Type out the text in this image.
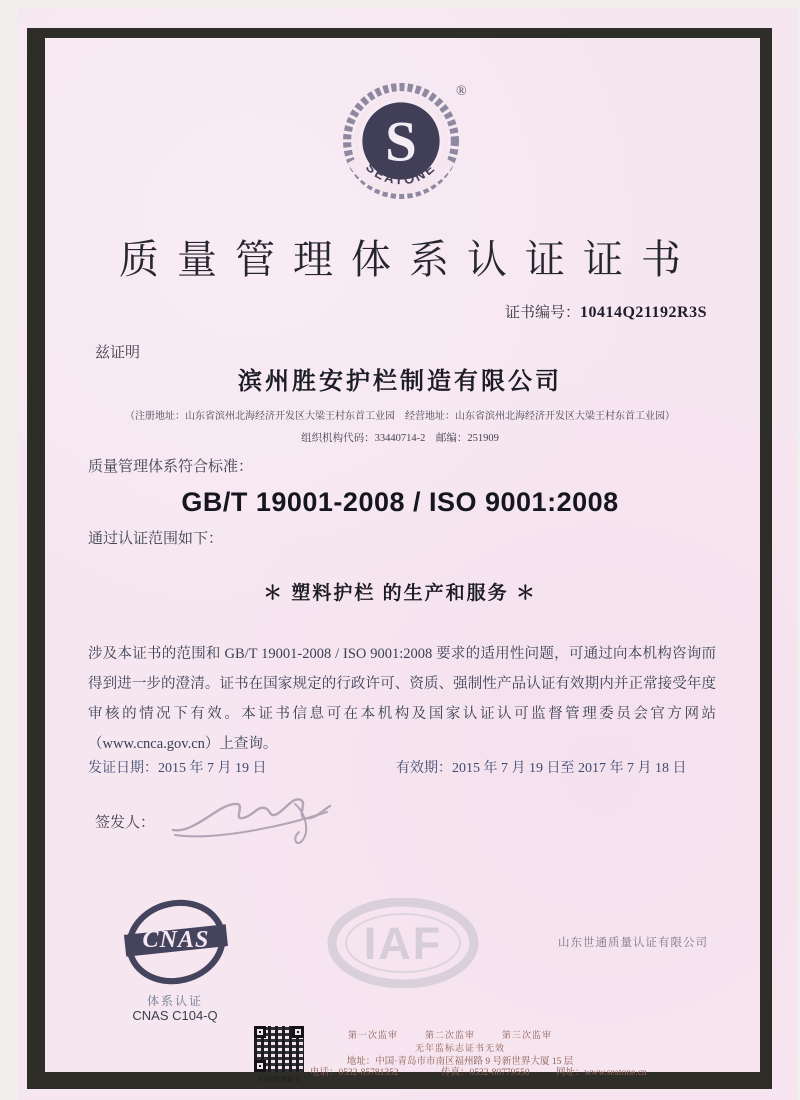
S
SEATONE
®
质量管理体系认证证书
证书编号：10414Q21192R3S
兹证明
滨州胜安护栏制造有限公司
（注册地址：山东省滨州北海经济开发区大梁王村东首工业园　经营地址：山东省滨州北海经济开发区大梁王村东首工业园）
组织机构代码：33440714-2　邮编：251909
质量管理体系符合标准：
GB/T 19001-2008 / ISO 9001:2008
通过认证范围如下：
＊ 塑料护栏 的生产和服务 ＊
涉及本证书的范围和 GB/T 19001-2008 / ISO 9001:2008 要求的适用性问题，可通过向本机构咨询而得到进一步的澄清。证书在国家规定的行政许可、资质、强制性产品认证有效期内并正常接受年度审核的情况下有效。本证书信息可在本机构及国家认证认可监督管理委员会官方网站（www.cnca.gov.cn）上查询。
发证日期：2015 年 7 月 19 日	有效期：2015 年 7 月 19 日至 2017 年 7 月 18 日
签发人：
CNAS
体系认证
CNAS C104-Q
IAF	山东世通质量认证有限公司
扫码查询证书
第一次监审	第二次监审	第三次监审
无年监标志证书无效
地址：中国·青岛市市南区福州路 9 号新世界大厦 15 层
电话：0532-85781352	传真：0532-80779550	网址：www.seatone.cn
